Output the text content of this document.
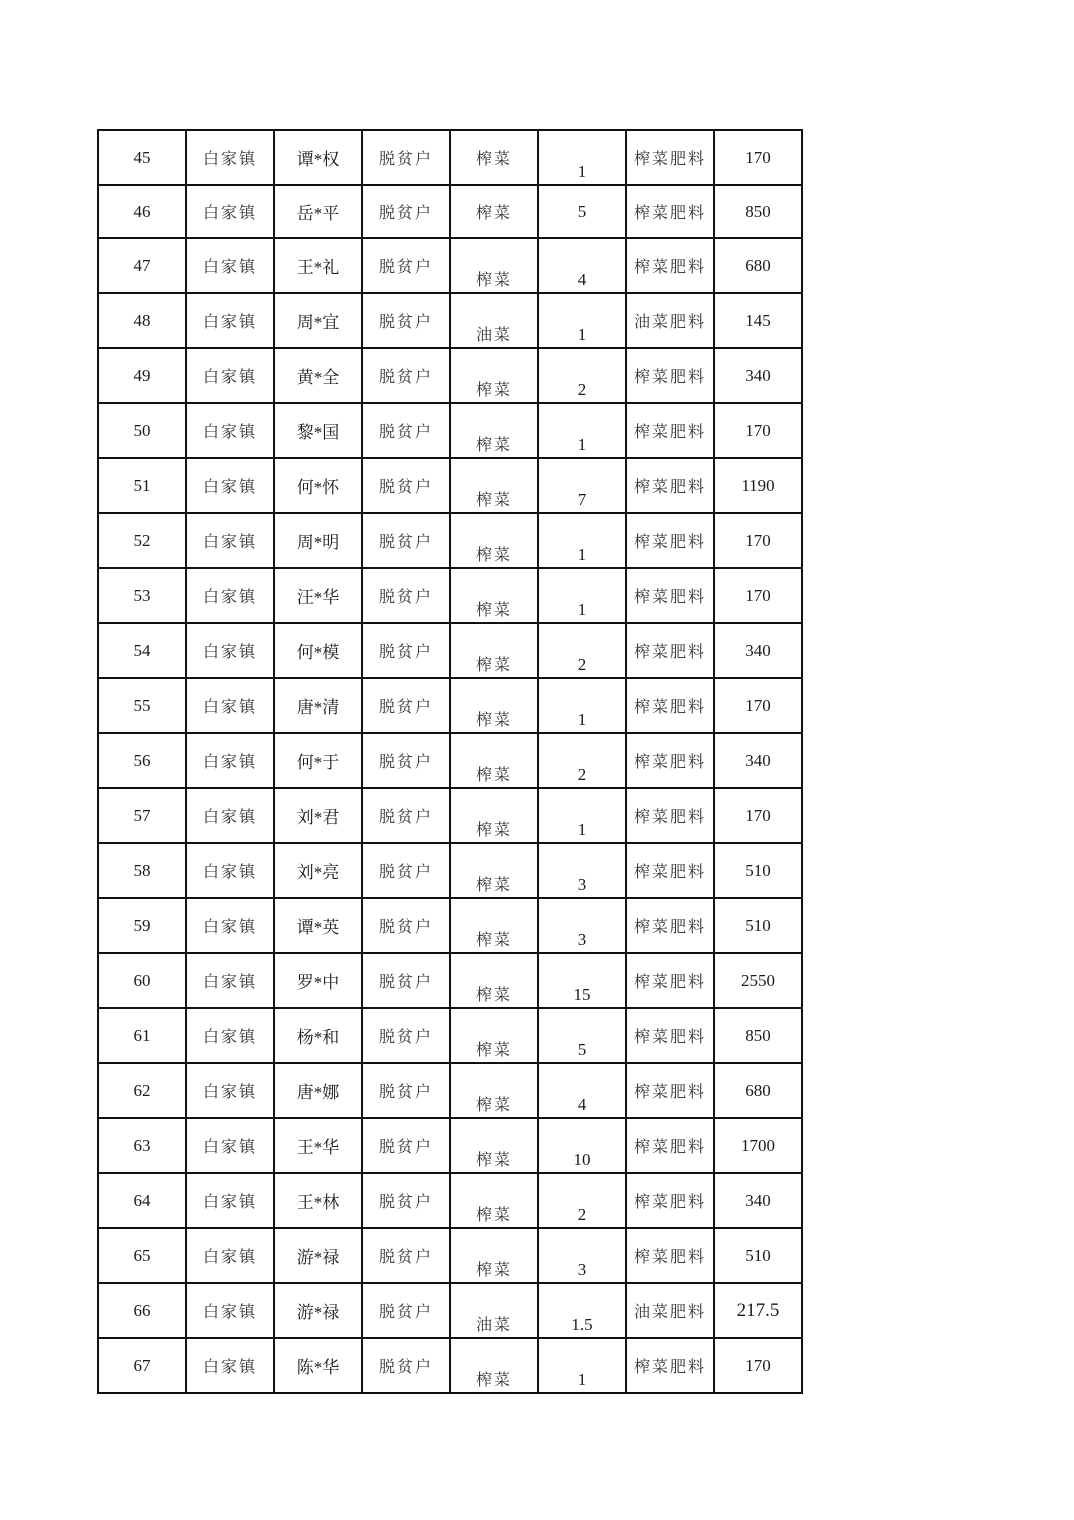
45	白家镇	谭*权	脱贫户	榨菜	1	榨菜肥料	170
46	白家镇	岳*平	脱贫户	榨菜	5	榨菜肥料	850
47	白家镇	王*礼	脱贫户	榨菜	4	榨菜肥料	680
48	白家镇	周*宜	脱贫户	油菜	1	油菜肥料	145
49	白家镇	黄*全	脱贫户	榨菜	2	榨菜肥料	340
50	白家镇	黎*国	脱贫户	榨菜	1	榨菜肥料	170
51	白家镇	何*怀	脱贫户	榨菜	7	榨菜肥料	1190
52	白家镇	周*明	脱贫户	榨菜	1	榨菜肥料	170
53	白家镇	汪*华	脱贫户	榨菜	1	榨菜肥料	170
54	白家镇	何*模	脱贫户	榨菜	2	榨菜肥料	340
55	白家镇	唐*清	脱贫户	榨菜	1	榨菜肥料	170
56	白家镇	何*于	脱贫户	榨菜	2	榨菜肥料	340
57	白家镇	刘*君	脱贫户	榨菜	1	榨菜肥料	170
58	白家镇	刘*亮	脱贫户	榨菜	3	榨菜肥料	510
59	白家镇	谭*英	脱贫户	榨菜	3	榨菜肥料	510
60	白家镇	罗*中	脱贫户	榨菜	15	榨菜肥料	2550
61	白家镇	杨*和	脱贫户	榨菜	5	榨菜肥料	850
62	白家镇	唐*娜	脱贫户	榨菜	4	榨菜肥料	680
63	白家镇	王*华	脱贫户	榨菜	10	榨菜肥料	1700
64	白家镇	王*林	脱贫户	榨菜	2	榨菜肥料	340
65	白家镇	游*禄	脱贫户	榨菜	3	榨菜肥料	510
66	白家镇	游*禄	脱贫户	油菜	1.5	油菜肥料	217.5
67	白家镇	陈*华	脱贫户	榨菜	1	榨菜肥料	170
